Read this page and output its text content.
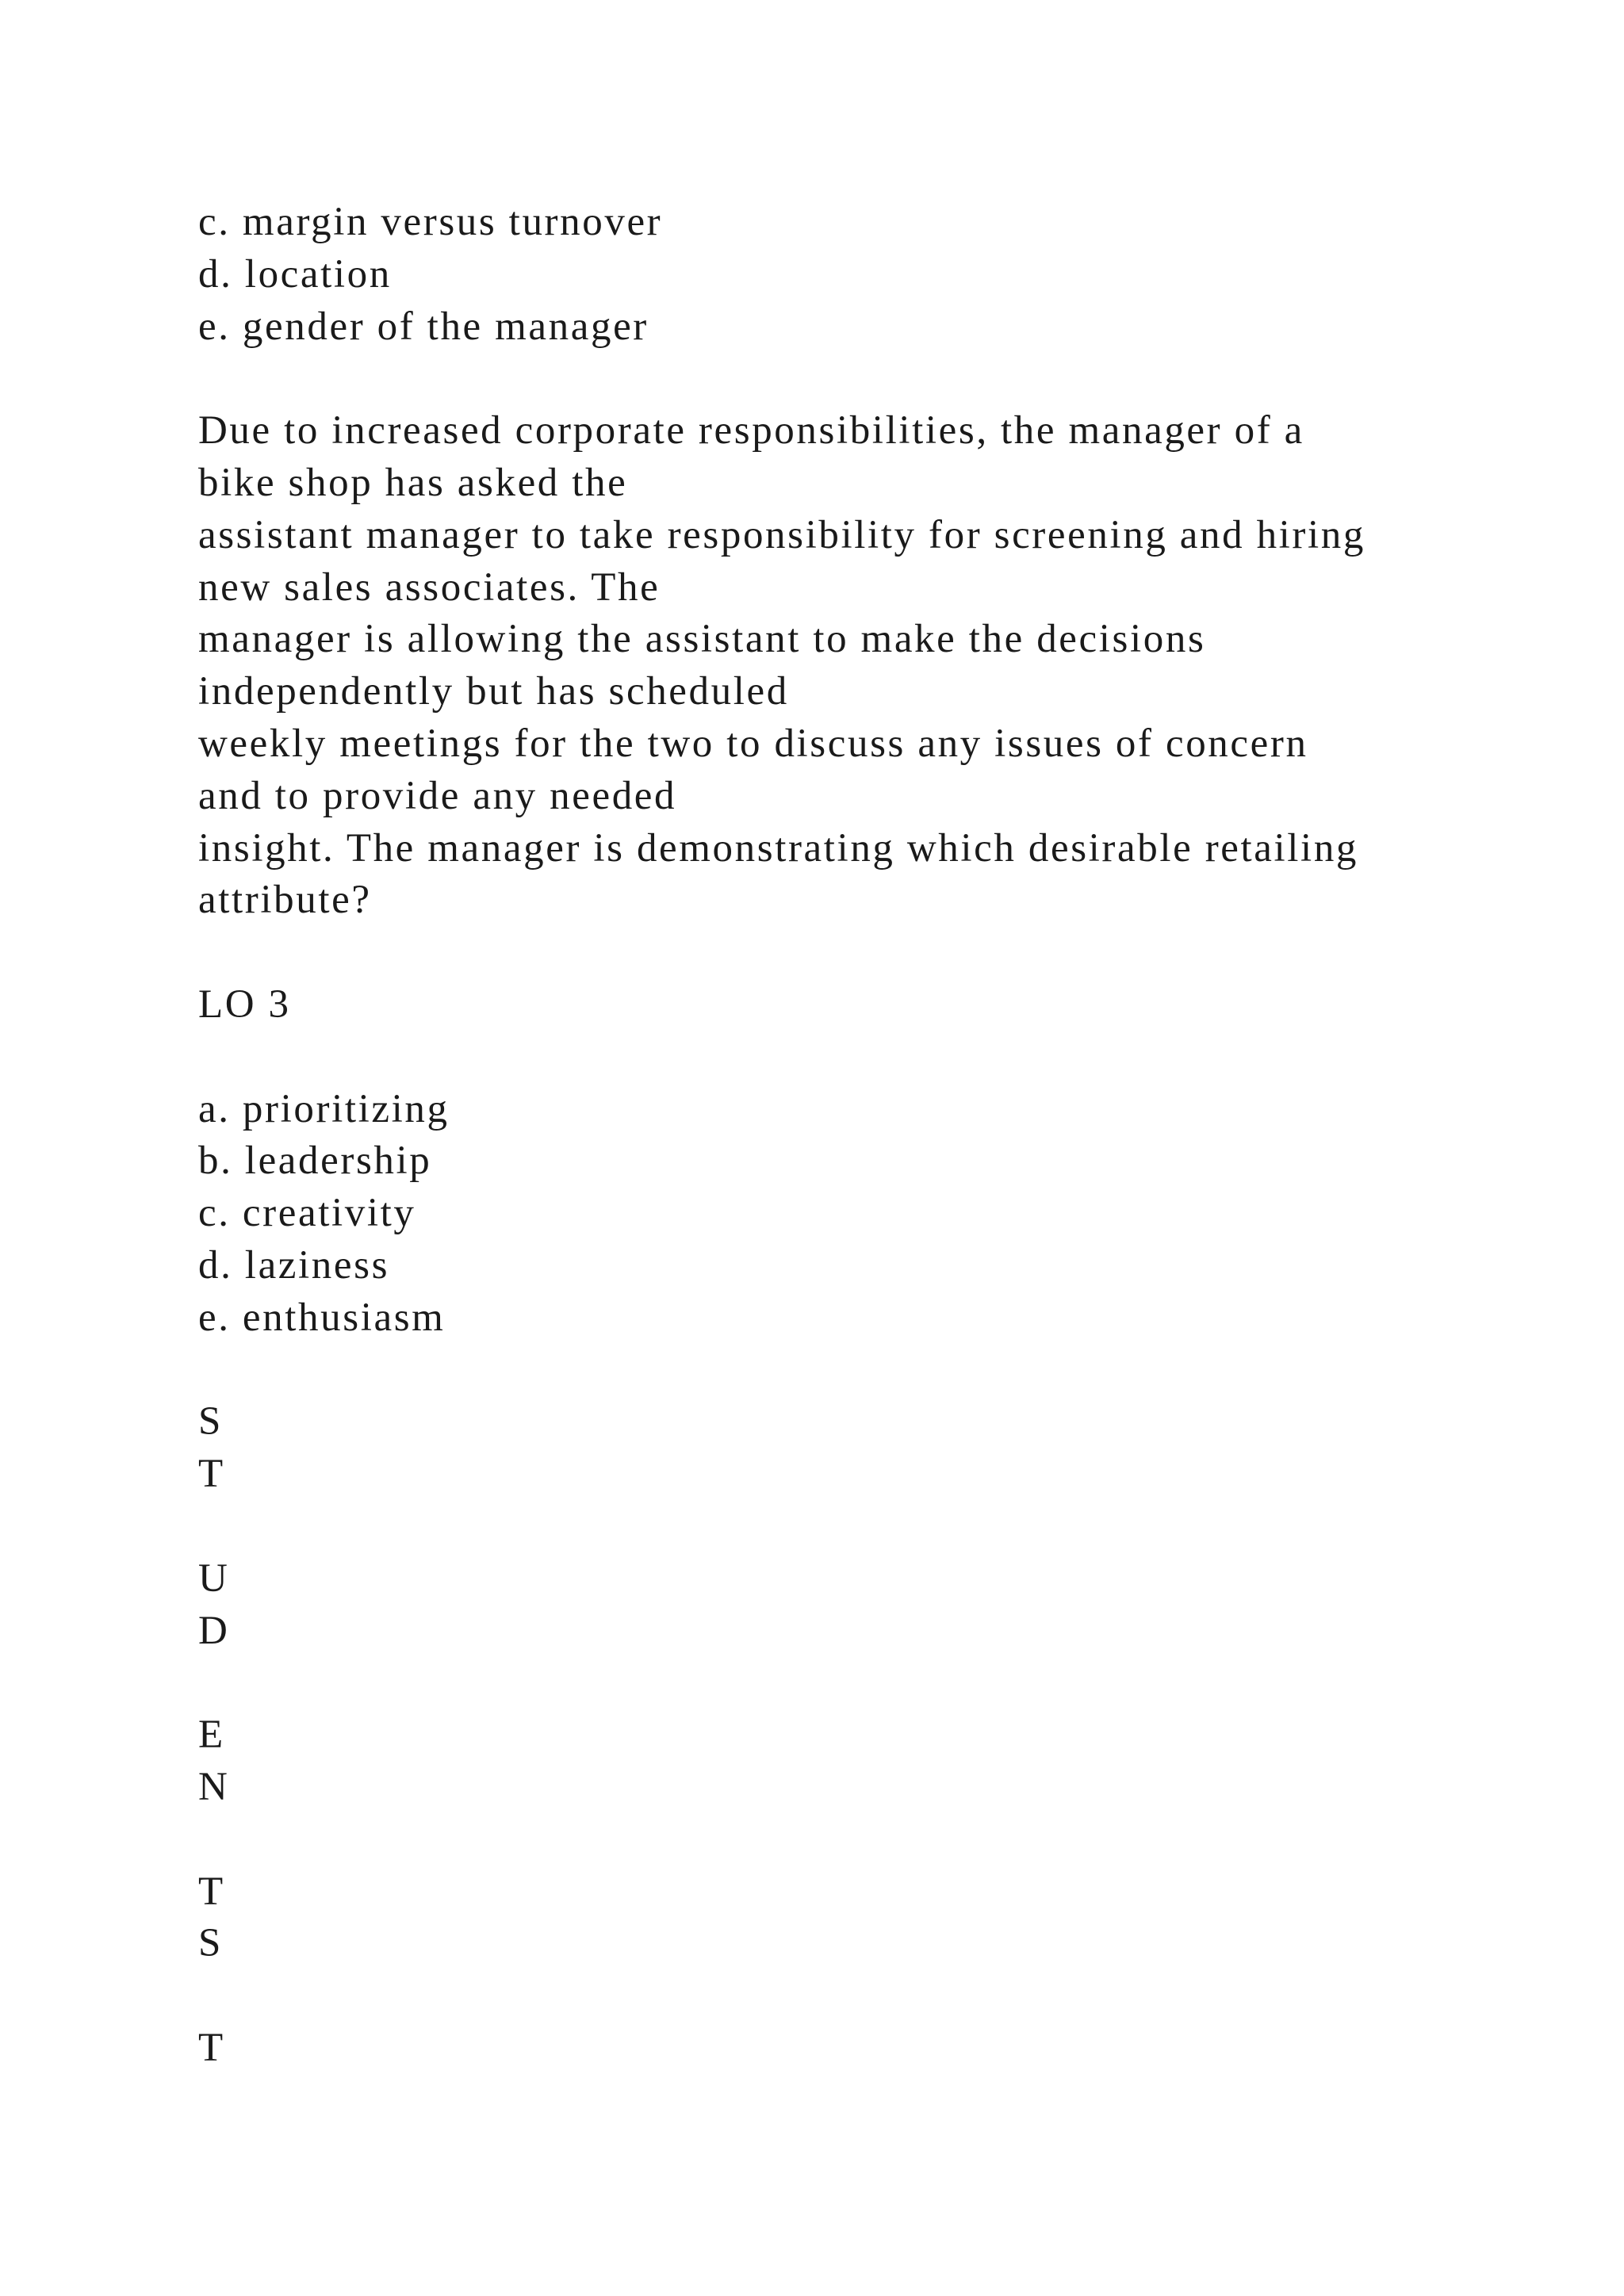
c. margin versus turnover
d. location
e. gender of the manager
Due to increased corporate responsibilities, the manager of a
bike shop has asked the
assistant manager to take responsibility for screening and hiring
new sales associates. The
manager is allowing the assistant to make the decisions
independently but has scheduled
weekly meetings for the two to discuss any issues of concern
and to provide any needed
insight. The manager is demonstrating which desirable retailing
attribute?
LO 3
a. prioritizing
b. leadership
c. creativity
d. laziness
e. enthusiasm
S
T
U
D
E
N
T
S
T
